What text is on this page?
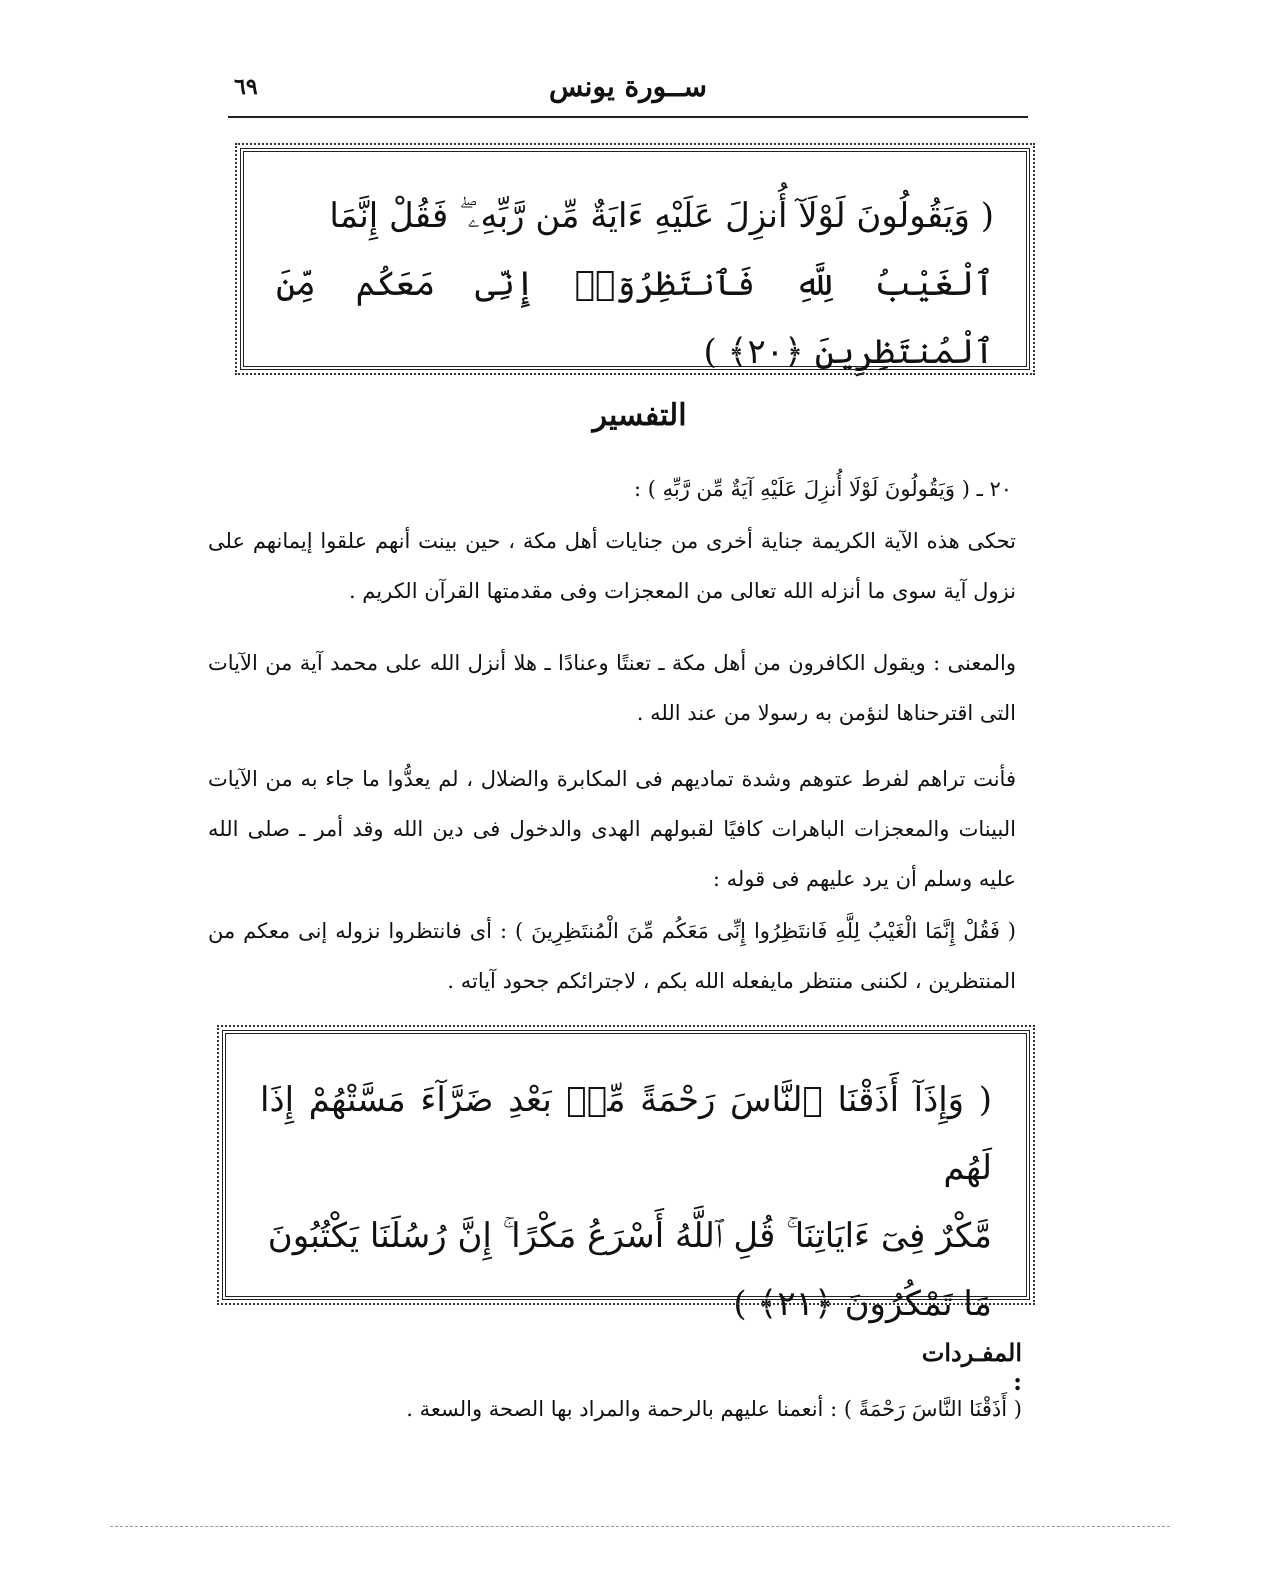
٦٩	ســورة يونس
( وَيَقُولُونَ لَوْلَآ أُنزِلَ عَلَيْهِ ءَايَةٌ مِّن رَّبِّهِۦ ۖ فَقُلْ إِنَّمَا
ٱلْغَيْبُ لِلَّهِ فَٱنتَظِرُوٓا۟ إِنِّى مَعَكُم مِّنَ ٱلْمُنتَظِرِينَ ﴿٢٠﴾ )
التفسير
٢٠ ـ ( وَيَقُولُونَ لَوْلَا أُنزِلَ عَلَيْهِ آيَةٌ مِّن رَّبِّهِ ) :
تحكى هذه الآية الكريمة جناية أخرى من جنايات أهل مكة ، حين بينت أنهم علقوا إيمانهم على نزول آية سوى ما أنزله الله تعالى من المعجزات وفى مقدمتها القرآن الكريم .
والمعنى : ويقول الكافرون من أهل مكة ـ تعنتًا وعنادًا ـ هلا أنزل الله على محمد آية من الآيات التى اقترحناها لنؤمن به رسولا من عند الله .
فأنت تراهم لفرط عتوهم وشدة تماديهم فى المكابرة والضلال ، لم يعدُّوا ما جاء به من الآيات البينات والمعجزات الباهرات كافيًا لقبولهم الهدى والدخول فى دين الله وقد أمر ـ صلى الله عليه وسلم أن يرد عليهم فى قوله :
( فَقُلْ إِنَّمَا الْغَيْبُ لِلَّهِ فَانتَظِرُوا إِنِّى مَعَكُم مِّنَ الْمُنتَظِرِينَ ) : أى فانتظروا نزوله إنى معكم من المنتظرين ، لكننى منتظر مايفعله الله بكم ، لاجترائكم جحود آياته .
( وَإِذَآ أَذَقْنَا ٱلنَّاسَ رَحْمَةً مِّنۢ بَعْدِ ضَرَّآءَ مَسَّتْهُمْ إِذَا لَهُم
مَّكْرٌ فِىٓ ءَايَاتِنَا ۚ قُلِ ٱللَّهُ أَسْرَعُ مَكْرًا ۚ إِنَّ رُسُلَنَا يَكْتُبُونَ
مَا تَمْكُرُونَ ﴿٢١﴾ )
المفـردات :
( أَذَقْنَا النَّاسَ رَحْمَةً ) : أنعمنا عليهم بالرحمة والمراد بها الصحة والسعة .
